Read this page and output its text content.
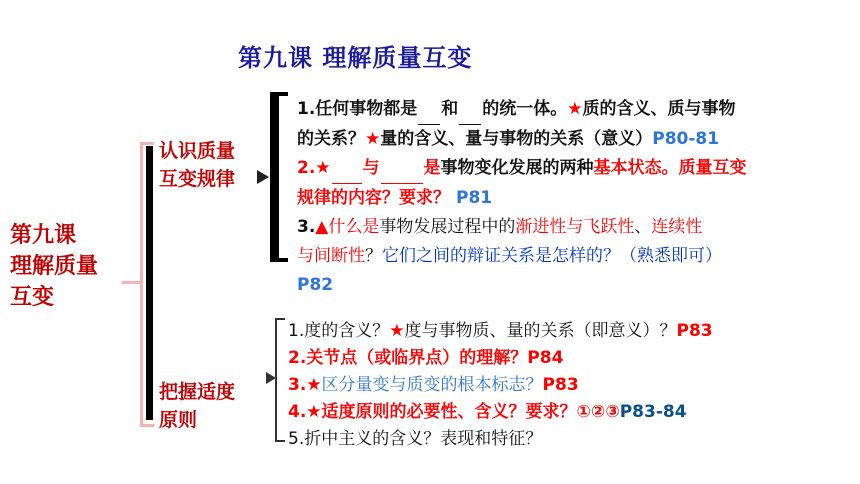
第九课 理解质量互变
第九课
理解质量
互变
认识质量
互变规律
把握适度
原则
1.任何事物都是 和 的统一体。★质的含义、质与事物
的关系？★量的含义、量与事物的关系（意义）P80-81
2.★ 与	是事物变化发展的两种基本状态。质量互变
规律的内容？要求？ P81
3.▲什么是事物发展过程中的渐进性与飞跃性、连续性
与间断性？它们之间的辩证关系是怎样的？（熟悉即可）
P82
1.度的含义？★度与事物质、量的关系（即意义）？P83
2.关节点（或临界点）的理解？P84
3.★区分量变与质变的根本标志？P83
4.★适度原则的必要性、含义？要求？①②③P83-84
5.折中主义的含义？表现和特征？
